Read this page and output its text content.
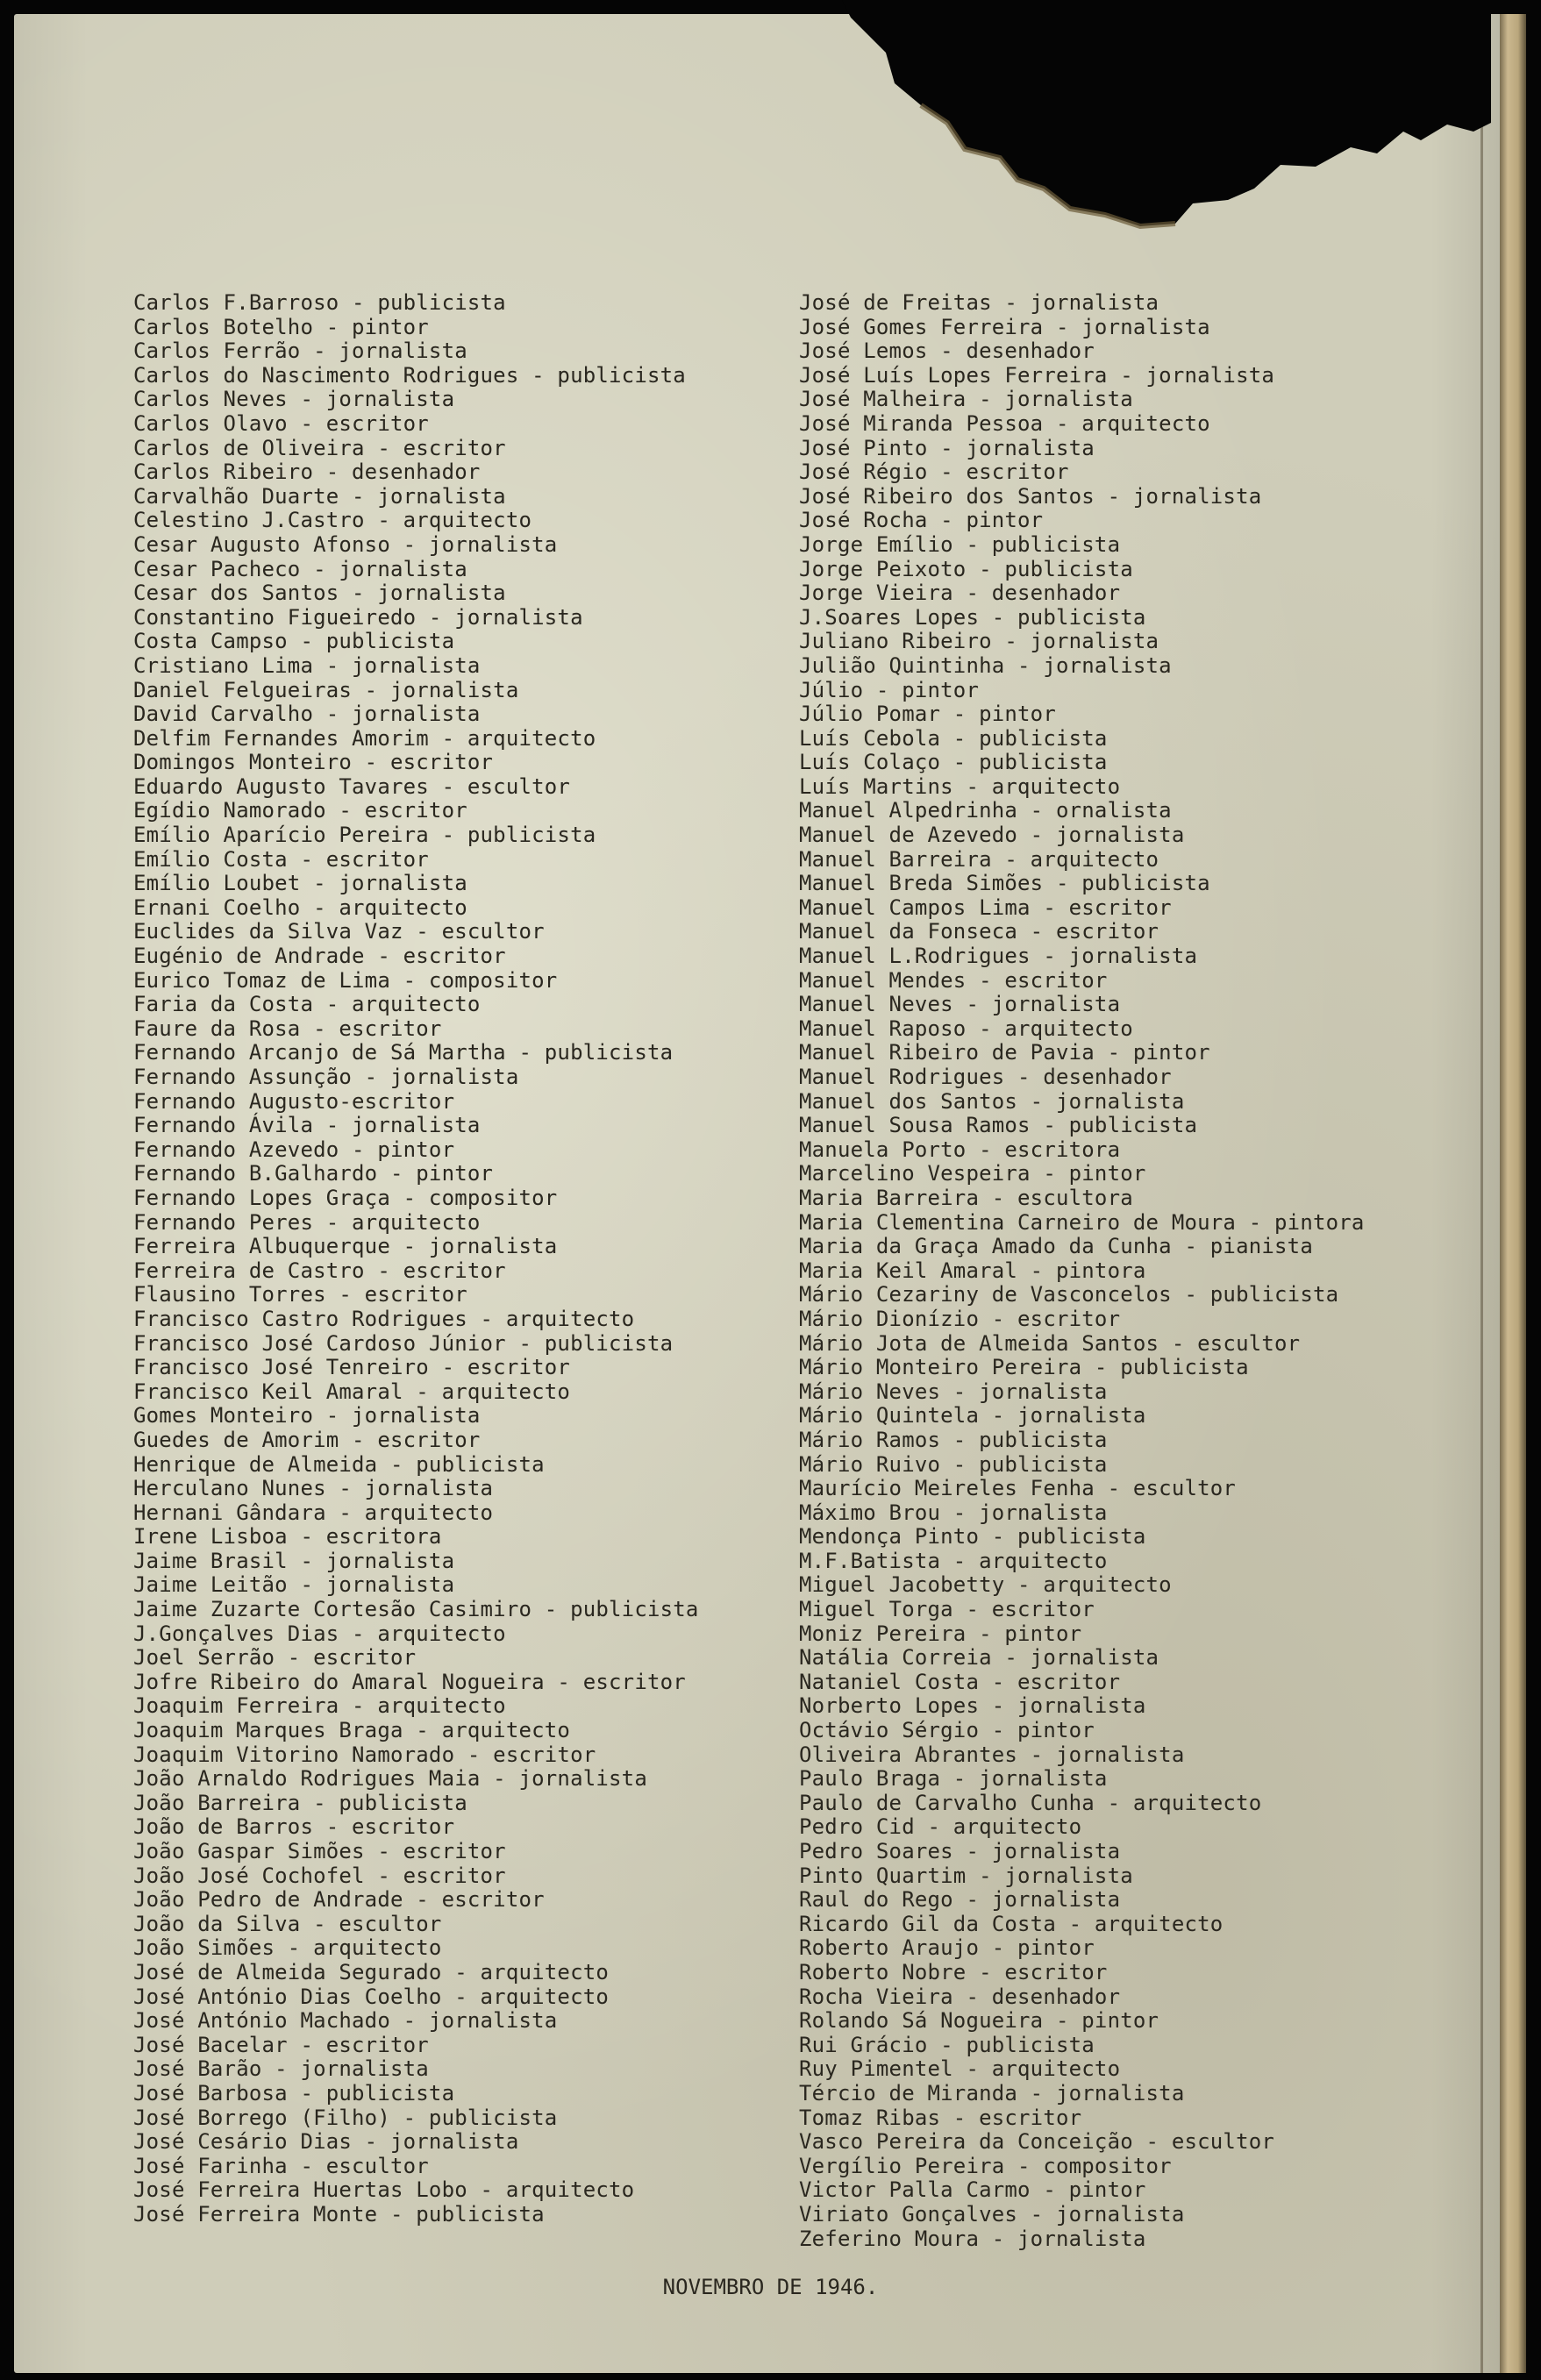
Carlos F.Barroso - publicista
Carlos Botelho - pintor
Carlos Ferrão - jornalista
Carlos do Nascimento Rodrigues - publicista
Carlos Neves - jornalista
Carlos Olavo - escritor
Carlos de Oliveira - escritor
Carlos Ribeiro - desenhador
Carvalhão Duarte - jornalista
Celestino J.Castro - arquitecto
Cesar Augusto Afonso - jornalista
Cesar Pacheco - jornalista
Cesar dos Santos - jornalista
Constantino Figueiredo - jornalista
Costa Campso - publicista
Cristiano Lima - jornalista
Daniel Felgueiras - jornalista
David Carvalho - jornalista
Delfim Fernandes Amorim - arquitecto
Domingos Monteiro - escritor
Eduardo Augusto Tavares - escultor
Egídio Namorado - escritor
Emílio Aparício Pereira - publicista
Emílio Costa - escritor
Emílio Loubet - jornalista
Ernani Coelho - arquitecto
Euclides da Silva Vaz - escultor
Eugénio de Andrade - escritor
Eurico Tomaz de Lima - compositor
Faria da Costa - arquitecto
Faure da Rosa - escritor
Fernando Arcanjo de Sá Martha - publicista
Fernando Assunção - jornalista
Fernando Augusto-escritor
Fernando Ávila - jornalista
Fernando Azevedo - pintor
Fernando B.Galhardo - pintor
Fernando Lopes Graça - compositor
Fernando Peres - arquitecto
Ferreira Albuquerque - jornalista
Ferreira de Castro - escritor
Flausino Torres - escritor
Francisco Castro Rodrigues - arquitecto
Francisco José Cardoso Júnior - publicista
Francisco José Tenreiro - escritor
Francisco Keil Amaral - arquitecto
Gomes Monteiro - jornalista
Guedes de Amorim - escritor
Henrique de Almeida - publicista
Herculano Nunes - jornalista
Hernani Gândara - arquitecto
Irene Lisboa - escritora
Jaime Brasil - jornalista
Jaime Leitão - jornalista
Jaime Zuzarte Cortesão Casimiro - publicista
J.Gonçalves Dias - arquitecto
Joel Serrão - escritor
Jofre Ribeiro do Amaral Nogueira - escritor
Joaquim Ferreira - arquitecto
Joaquim Marques Braga - arquitecto
Joaquim Vitorino Namorado - escritor
João Arnaldo Rodrigues Maia - jornalista
João Barreira - publicista
João de Barros - escritor
João Gaspar Simões - escritor
João José Cochofel - escritor
João Pedro de Andrade - escritor
João da Silva - escultor
João Simões - arquitecto
José de Almeida Segurado - arquitecto
José António Dias Coelho - arquitecto
José António Machado - jornalista
José Bacelar - escritor
José Barão - jornalista
José Barbosa - publicista
José Borrego (Filho) - publicista
José Cesário Dias - jornalista
José Farinha - escultor
José Ferreira Huertas Lobo - arquitecto
José Ferreira Monte - publicista
José de Freitas - jornalista
José Gomes Ferreira - jornalista
José Lemos - desenhador
José Luís Lopes Ferreira - jornalista
José Malheira - jornalista
José Miranda Pessoa - arquitecto
José Pinto - jornalista
José Régio - escritor
José Ribeiro dos Santos - jornalista
José Rocha - pintor
Jorge Emílio - publicista
Jorge Peixoto - publicista
Jorge Vieira - desenhador
J.Soares Lopes - publicista
Juliano Ribeiro - jornalista
Julião Quintinha - jornalista
Júlio - pintor
Júlio Pomar - pintor
Luís Cebola - publicista
Luís Colaço - publicista
Luís Martins - arquitecto
Manuel Alpedrinha - ornalista
Manuel de Azevedo - jornalista
Manuel Barreira - arquitecto
Manuel Breda Simões - publicista
Manuel Campos Lima - escritor
Manuel da Fonseca - escritor
Manuel L.Rodrigues - jornalista
Manuel Mendes - escritor
Manuel Neves - jornalista
Manuel Raposo - arquitecto
Manuel Ribeiro de Pavia - pintor
Manuel Rodrigues - desenhador
Manuel dos Santos - jornalista
Manuel Sousa Ramos - publicista
Manuela Porto - escritora
Marcelino Vespeira - pintor
Maria Barreira - escultora
Maria Clementina Carneiro de Moura - pintora
Maria da Graça Amado da Cunha - pianista
Maria Keil Amaral - pintora
Mário Cezariny de Vasconcelos - publicista
Mário Dionízio - escritor
Mário Jota de Almeida Santos - escultor
Mário Monteiro Pereira - publicista
Mário Neves - jornalista
Mário Quintela - jornalista
Mário Ramos - publicista
Mário Ruivo - publicista
Maurício Meireles Fenha - escultor
Máximo Brou - jornalista
Mendonça Pinto - publicista
M.F.Batista - arquitecto
Miguel Jacobetty - arquitecto
Miguel Torga - escritor
Moniz Pereira - pintor
Natália Correia - jornalista
Nataniel Costa - escritor
Norberto Lopes - jornalista
Octávio Sérgio - pintor
Oliveira Abrantes - jornalista
Paulo Braga - jornalista
Paulo de Carvalho Cunha - arquitecto
Pedro Cid - arquitecto
Pedro Soares - jornalista
Pinto Quartim - jornalista
Raul do Rego - jornalista
Ricardo Gil da Costa - arquitecto
Roberto Araujo - pintor
Roberto Nobre - escritor
Rocha Vieira - desenhador
Rolando Sá Nogueira - pintor
Rui Grácio - publicista
Ruy Pimentel - arquitecto
Tércio de Miranda - jornalista
Tomaz Ribas - escritor
Vasco Pereira da Conceição - escultor
Vergílio Pereira - compositor
Victor Palla Carmo - pintor
Viriato Gonçalves - jornalista
Zeferino Moura - jornalista
NOVEMBRO DE 1946.
